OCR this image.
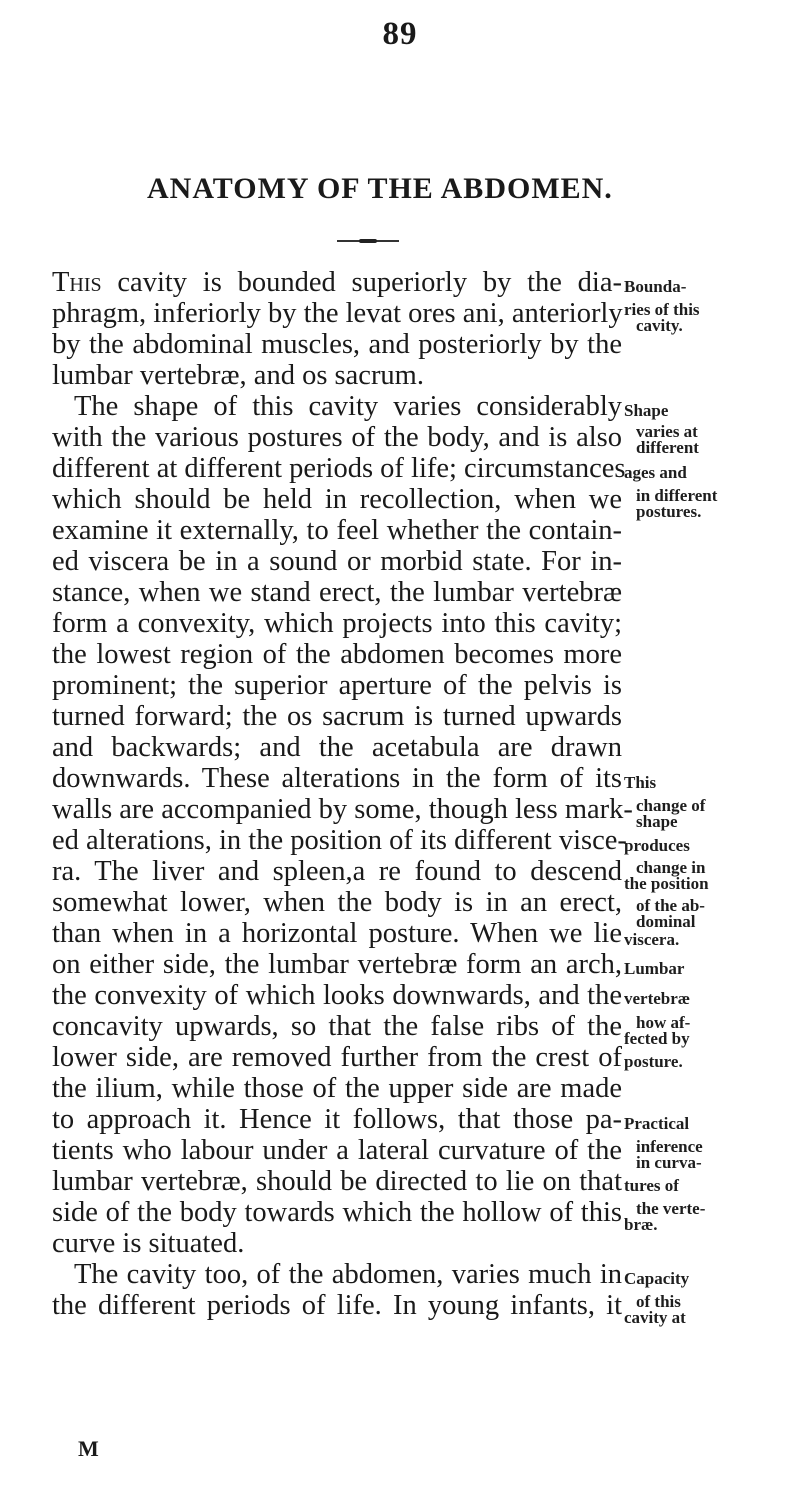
89
ANATOMY OF THE ABDOMEN.
This cavity is bounded superiorly by the dia-
phragm, inferiorly by the levat ores ani, anteriorly
by the abdominal muscles, and posteriorly by the
lumbar vertebræ, and os sacrum.
The shape of this cavity varies considerably
with the various postures of the body, and is also
different at different periods of life; circumstances
which should be held in recollection, when we
examine it externally, to feel whether the contain-
ed viscera be in a sound or morbid state. For in-
stance, when we stand erect, the lumbar vertebræ
form a convexity, which projects into this cavity;
the lowest region of the abdomen becomes more
prominent; the superior aperture of the pelvis is
turned forward; the os sacrum is turned upwards
and backwards; and the acetabula are drawn
downwards. These alterations in the form of its
walls are accompanied by some, though less mark-
ed alterations, in the position of its different visce-
ra. The liver and spleen,a re found to descend
somewhat lower, when the body is in an erect,
than when in a horizontal posture. When we lie
on either side, the lumbar vertebræ form an arch,
the convexity of which looks downwards, and the
concavity upwards, so that the false ribs of the
lower side, are removed further from the crest of
the ilium, while those of the upper side are made
to approach it. Hence it follows, that those pa-
tients who labour under a lateral curvature of the
lumbar vertebræ, should be directed to lie on that
side of the body towards which the hollow of this
curve is situated.
The cavity too, of the abdomen, varies much in
the different periods of life. In young infants, it
Bounda-
ries of this
cavity.
Shape
varies at
different
ages and
in different
postures.
This
change of
shape
produces
change in
the position
of the ab-
dominal
viscera.
Lumbar
vertebræ
how af-
fected by
posture.
Practical
inference
in curva-
tures of
the verte-
bræ.
Capacity
of this
cavity at
M
